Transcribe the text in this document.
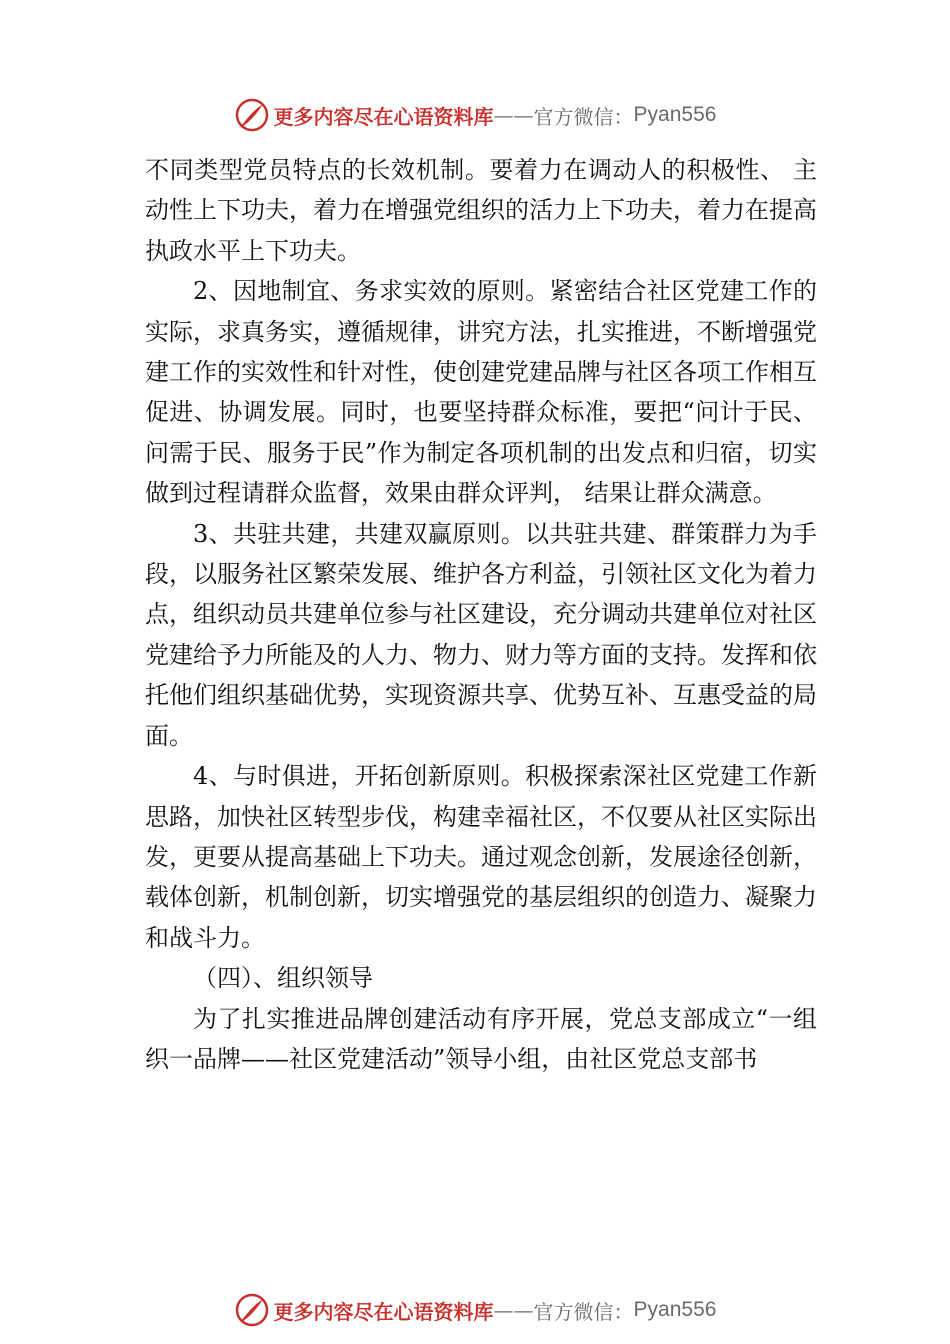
更多内容尽在心语资料库 —— 官方微信： Pyan556

不同类型党员特点的长效机制。要着力在调动人的积极性、 主动性上下功夫，着力在增强党组织的活力上下功夫，着力在提高执政水平上下功夫。

2、因地制宜、务求实效的原则。紧密结合社区党建工作的实际，求真务实，遵循规律，讲究方法，扎实推进，不断增强党建工作的实效性和针对性，使创建党建品牌与社区各项工作相互促进、协调发展。同时，也要坚持群众标准，要把“问计于民、问需于民、服务于民”作为制定各项机制的出发点和归宿，切实做到过程请群众监督，效果由群众评判， 结果让群众满意。

3、共驻共建，共建双赢原则。以共驻共建、群策群力为手段，以服务社区繁荣发展、维护各方利益，引领社区文化为着力点，组织动员共建单位参与社区建设，充分调动共建单位对社区党建给予力所能及的人力、物力、财力等方面的支持。发挥和依托他们组织基础优势，实现资源共享、优势互补、互惠受益的局面。

4、与时俱进，开拓创新原则。积极探索深社区党建工作新思路，加快社区转型步伐，构建幸福社区，不仅要从社区实际出发，更要从提高基础上下功夫。通过观念创新，发展途径创新，载体创新，机制创新，切实增强党的基层组织的创造力、凝聚力和战斗力。

（四）、组织领导

为了扎实推进品牌创建活动有序开展，党总支部成立“一组织一品牌——社区党建活动”领导小组，由社区党总支部书

更多内容尽在心语资料库 —— 官方微信： Pyan556
